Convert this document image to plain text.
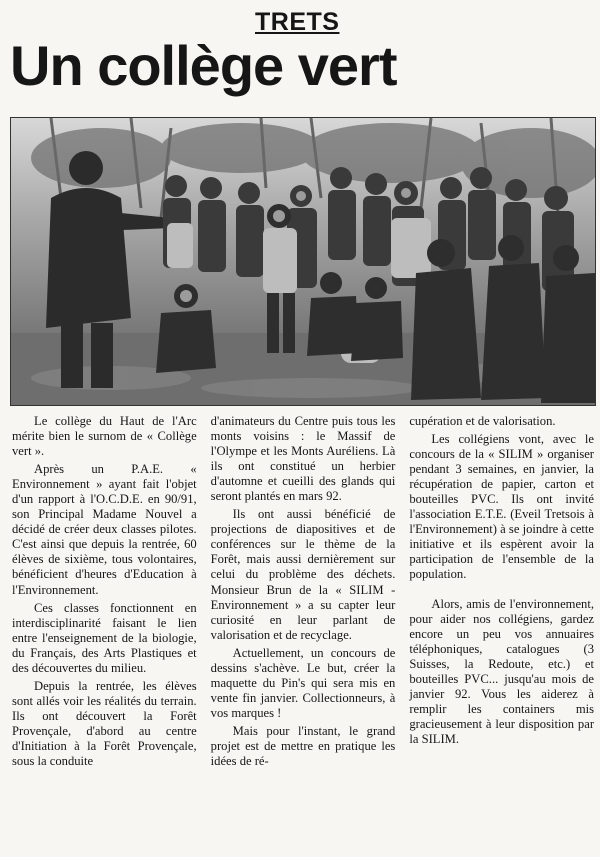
TRETS
Un collège vert

Le collège du Haut de l'Arc mérite bien le surnom de « Collège vert ».

Après un P.A.E. « Environnement » ayant fait l'objet d'un rapport à l'O.C.D.E. en 90/91, son Principal Madame Nouvel a décidé de créer deux classes pilotes. C'est ainsi que depuis la rentrée, 60 élèves de sixième, tous volontaires, bénéficient d'heures d'Education à l'Environnement.

Ces classes fonctionnent en interdisciplinarité faisant le lien entre l'enseignement de la biologie, du Français, des Arts Plastiques et des découvertes du milieu.

Depuis la rentrée, les élèves sont allés voir les réalités du terrain. Ils ont découvert la Forêt Provençale, d'abord au centre d'Initiation à la Forêt Provençale, sous la conduite

d'animateurs du Centre puis tous les monts voisins : le Massif de l'Olympe et les Monts Auréliens. Là ils ont constitué un herbier d'automne et cueilli des glands qui seront plantés en mars 92.

Ils ont aussi bénéficié de projections de diapositives et de conférences sur le thème de la Forêt, mais aussi dernièrement sur celui du problème des déchets. Monsieur Brun de la « SILIM - Environnement » a su capter leur curiosité en leur parlant de valorisation et de recyclage.

Actuellement, un concours de dessins s'achève. Le but, créer la maquette du Pin's qui sera mis en vente fin janvier. Collectionneurs, à vos marques !

Mais pour l'instant, le grand projet est de mettre en pratique les idées de ré-

cupération et de valorisation.

Les collégiens vont, avec le concours de la « SILIM » organiser pendant 3 semaines, en janvier, la récupération de papier, carton et bouteilles PVC. Ils ont invité l'association E.T.E. (Eveil Tretsois à l'Environnement) à se joindre à cette initiative et ils espèrent avoir la participation de l'ensemble de la population.

Alors, amis de l'environnement, pour aider nos collégiens, gardez encore un peu vos annuaires téléphoniques, catalogues (3 Suisses, la Redoute, etc.) et bouteilles PVC... jusqu'au mois de janvier 92. Vous les aiderez à remplir les containers mis gracieusement à leur disposition par la SILIM.
